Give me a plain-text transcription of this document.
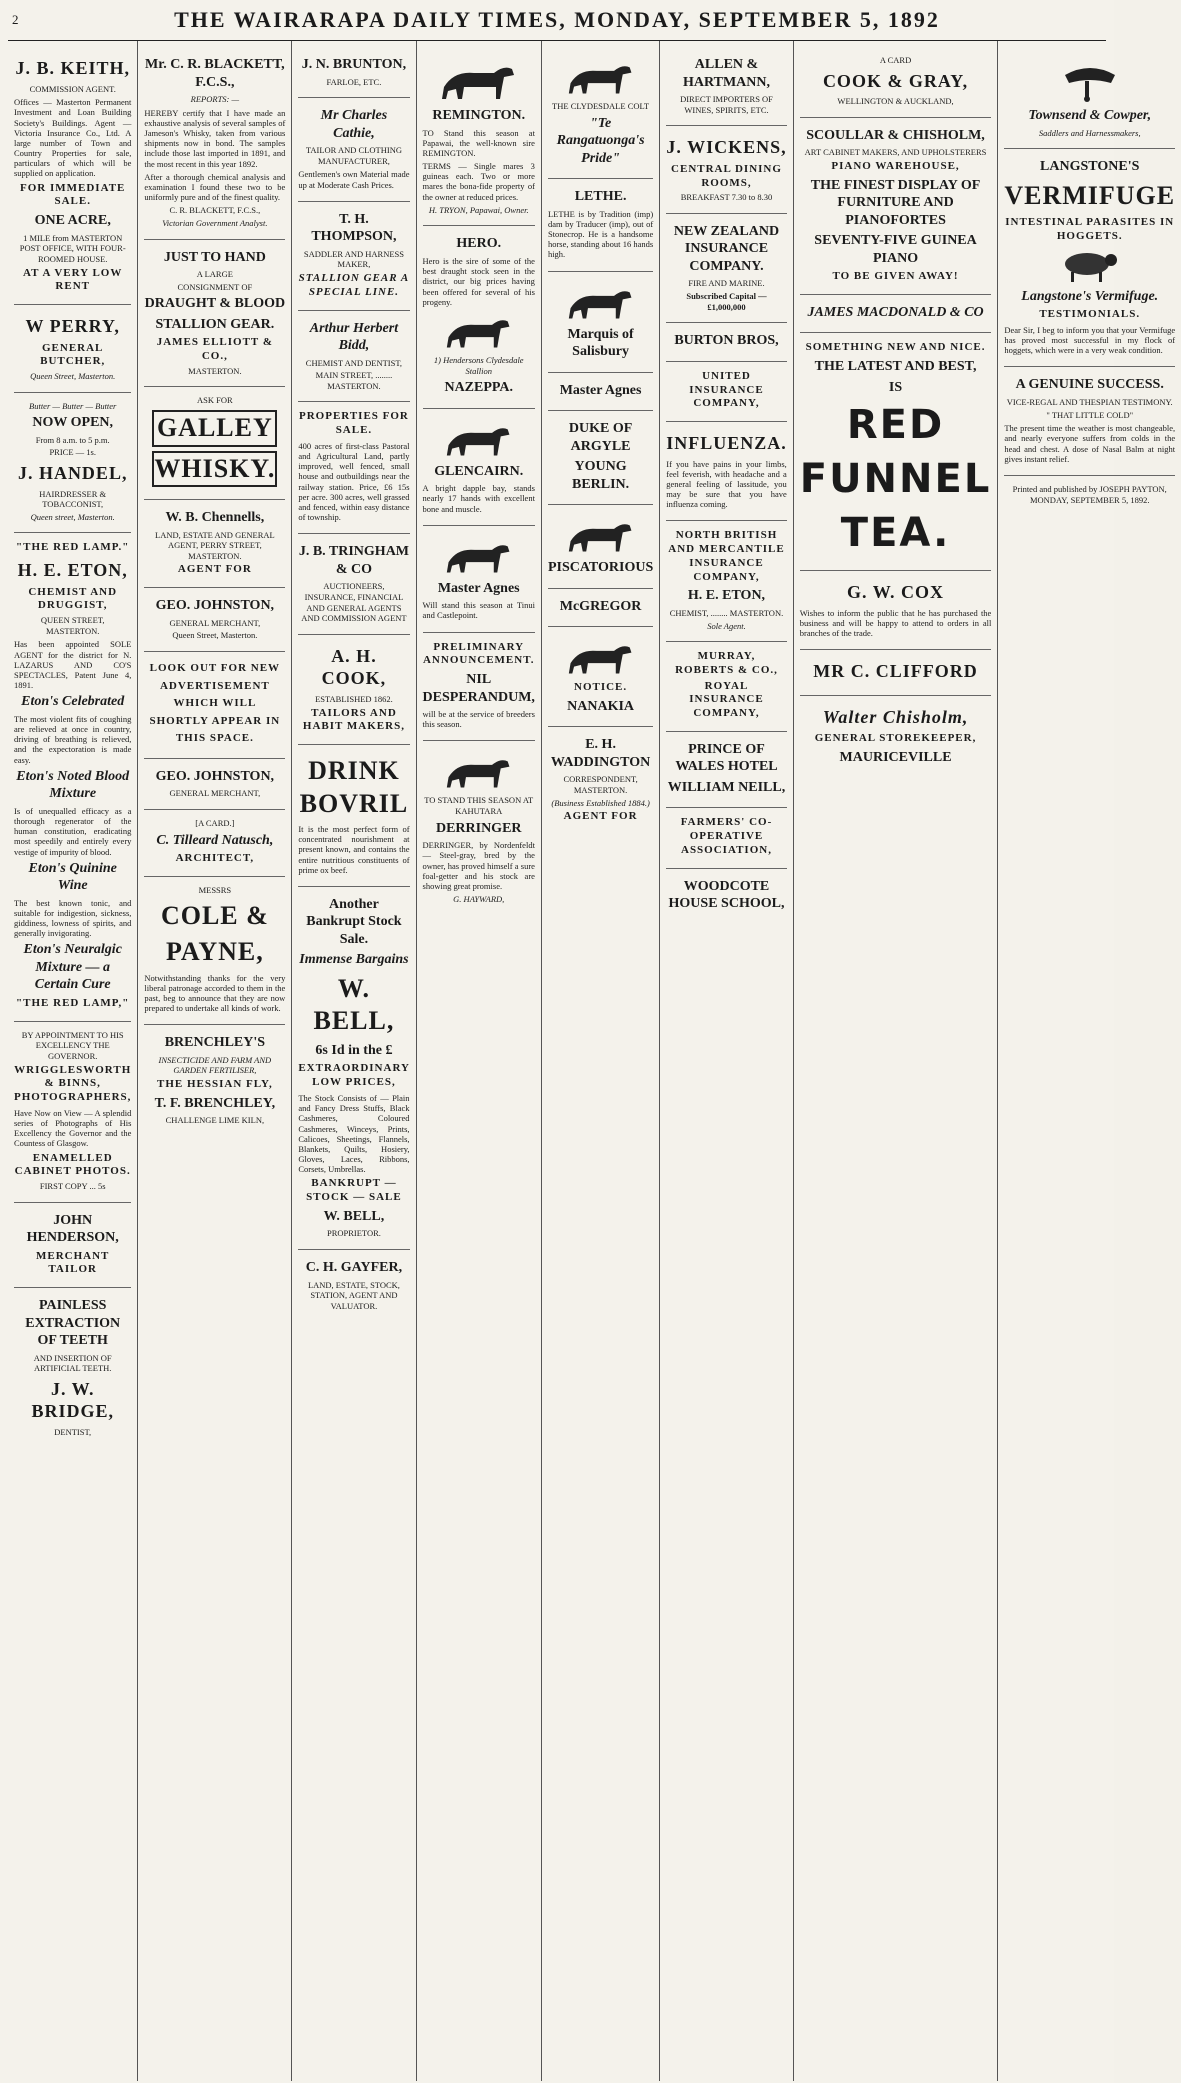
2	THE WAIRARAPA DAILY TIMES, MONDAY, SEPTEMBER 5, 1892
J. B. KEITH,
COMMISSION AGENT.
Offices — Masterton Permanent Investment and Loan Building Society's Buildings. Agent — Victoria Insurance Co., Ltd. A large number of Town and Country Properties for sale, particulars of which will be supplied on application.
FOR IMMEDIATE SALE.
ONE ACRE,
1 MILE from MASTERTON POST OFFICE, WITH FOUR-ROOMED HOUSE.
AT A VERY LOW RENT
W PERRY,
GENERAL BUTCHER,
Queen Street, Masterton.
Butter — Butter — Butter
NOW OPEN,
From 8 a.m. to 5 p.m.
PRICE — 1s.
J. HANDEL,
HAIRDRESSER & TOBACCONIST,
Queen street, Masterton.
"THE RED LAMP."
H. E. ETON,
CHEMIST AND DRUGGIST,
QUEEN STREET, MASTERTON.
Has been appointed SOLE AGENT for the district for N. LAZARUS AND CO'S SPECTACLES, Patent June 4, 1891.
Eton's Celebrated
The most violent fits of coughing are relieved at once in country, driving of breathing is relieved, and the expectoration is made easy.
Eton's Noted Blood Mixture
Is of unequalled efficacy as a thorough regenerator of the human constitution, eradicating most speedily and entirely every vestige of impurity of blood.
Eton's Quinine Wine
The best known tonic, and suitable for indigestion, sickness, giddiness, lowness of spirits, and generally invigorating.
Eton's Neuralgic Mixture — a Certain Cure
"THE RED LAMP,"
BY APPOINTMENT TO HIS EXCELLENCY THE GOVERNOR.
WRIGGLESWORTH & BINNS, PHOTOGRAPHERS,
Have Now on View — A splendid series of Photographs of His Excellency the Governor and the Countess of Glasgow.
ENAMELLED CABINET PHOTOS.
FIRST COPY ... 5s
JOHN HENDERSON,
MERCHANT TAILOR
PAINLESS EXTRACTION OF TEETH
AND INSERTION OF ARTIFICIAL TEETH.
J. W. BRIDGE,
DENTIST,
Mr. C. R. BLACKETT, F.C.S.,
REPORTS: —
HEREBY certify that I have made an exhaustive analysis of several samples of Jameson's Whisky, taken from various shipments now in bond. The samples include those last imported in 1891, and the most recent in this year 1892.
After a thorough chemical analysis and examination I found these two to be uniformly pure and of the finest quality.
C. R. BLACKETT, F.C.S.,
Victorian Government Analyst.
JUST TO HAND
A LARGE
CONSIGNMENT OF
DRAUGHT & BLOOD
STALLION GEAR.
JAMES ELLIOTT & CO.,
MASTERTON.
ASK FOR
GALLEY
WHISKY.
W. B. Chennells,
LAND, ESTATE AND GENERAL AGENT, PERRY STREET, MASTERTON.
AGENT FOR
GEO. JOHNSTON,
GENERAL MERCHANT,
Queen Street, Masterton.
LOOK OUT FOR NEW ADVERTISEMENT WHICH WILL SHORTLY APPEAR IN THIS SPACE.
GEO. JOHNSTON,
GENERAL MERCHANT,
[A CARD.]
C. Tilleard Natusch,
ARCHITECT,
MESSRS
COLE &
PAYNE,
Notwithstanding thanks for the very liberal patronage accorded to them in the past, beg to announce that they are now prepared to undertake all kinds of work.
BRENCHLEY'S
INSECTICIDE AND FARM AND GARDEN FERTILISER,
THE HESSIAN FLY,
T. F. BRENCHLEY,
CHALLENGE LIME KILN,
J. N. BRUNTON,
FARLOE, ETC.
Mr Charles Cathie,
TAILOR AND CLOTHING MANUFACTURER,
Gentlemen's own Material made up at Moderate Cash Prices.
T. H. THOMPSON,
SADDLER AND HARNESS MAKER,
STALLION GEAR A SPECIAL LINE.
Arthur Herbert Bidd,
CHEMIST AND DENTIST,
MAIN STREET, ........ MASTERTON.
PROPERTIES FOR SALE.
400 acres of first-class Pastoral and Agricultural Land, partly improved, well fenced, small house and outbuildings near the railway station. Price, £6 15s per acre. 300 acres, well grassed and fenced, within easy distance of township.
J. B. TRINGHAM & CO
AUCTIONEERS, INSURANCE, FINANCIAL AND GENERAL AGENTS AND COMMISSION AGENT
A. H. COOK,
ESTABLISHED 1862.
TAILORS AND HABIT MAKERS,
DRINK BOVRIL
It is the most perfect form of concentrated nourishment at present known, and contains the entire nutritious constituents of prime ox beef.
Another Bankrupt Stock Sale.
Immense Bargains
W. BELL,
6s Id in the £
EXTRAORDINARY LOW PRICES,
The Stock Consists of — Plain and Fancy Dress Stuffs, Black Cashmeres, Coloured Cashmeres, Winceys, Prints, Calicoes, Sheetings, Flannels, Blankets, Quilts, Hosiery, Gloves, Laces, Ribbons, Corsets, Umbrellas.
BANKRUPT — STOCK — SALE
W. BELL,
PROPRIETOR.
C. H. GAYFER,
LAND, ESTATE, STOCK, STATION, AGENT AND VALUATOR.
REMINGTON.
TO Stand this season at Papawai, the well-known sire REMINGTON.
TERMS — Single mares 3 guineas each. Two or more mares the bona-fide property of the owner at reduced prices.
H. TRYON, Papawai, Owner.
HERO.
Hero is the sire of some of the best draught stock seen in the district, our big prices having been offered for several of his progeny.
1) Hendersons Clydesdale Stallion
NAZEPPA.
GLENCAIRN.
A bright dapple bay, stands nearly 17 hands with excellent bone and muscle.
Master Agnes
Will stand this season at Tinui and Castlepoint.
PRELIMINARY ANNOUNCEMENT.
NIL DESPERANDUM,
will be at the service of breeders this season.
TO STAND THIS SEASON AT KAHUTARA
DERRINGER
DERRINGER, by Nordenfeldt — Steel-gray, bred by the owner, has proved himself a sure foal-getter and his stock are showing great promise.
G. HAYWARD,
THE CLYDESDALE COLT
"Te Rangatuonga's Pride"
LETHE.
LETHE is by Tradition (imp) dam by Traducer (imp), out of Stonecrop. He is a handsome horse, standing about 16 hands high.
Marquis of Salisbury
Master Agnes
DUKE OF ARGYLE
YOUNG BERLIN.
PISCATORIOUS
McGREGOR
NOTICE.
NANAKIA
E. H. WADDINGTON
CORRESPONDENT, MASTERTON.
(Business Established 1884.)
AGENT FOR
ALLEN & HARTMANN,
DIRECT IMPORTERS OF WINES, SPIRITS, ETC.
J. WICKENS,
CENTRAL DINING ROOMS,
BREAKFAST 7.30 to 8.30
NEW ZEALAND INSURANCE COMPANY.
FIRE AND MARINE.
Subscribed Capital — £1,000,000
BURTON BROS,
UNITED INSURANCE COMPANY,
INFLUENZA.
If you have pains in your limbs, feel feverish, with headache and a general feeling of lassitude, you may be sure that you have influenza coming.
NORTH BRITISH AND MERCANTILE INSURANCE COMPANY,
H. E. ETON,
CHEMIST, ........ MASTERTON.
Sole Agent.
MURRAY, ROBERTS & CO.,
ROYAL INSURANCE COMPANY,
PRINCE OF WALES HOTEL
WILLIAM NEILL,
FARMERS' CO-OPERATIVE ASSOCIATION,
WOODCOTE HOUSE SCHOOL,
A CARD
COOK & GRAY,
WELLINGTON & AUCKLAND,
SCOULLAR & CHISHOLM,
ART CABINET MAKERS, AND UPHOLSTERERS
PIANO WAREHOUSE,
THE FINEST DISPLAY OF FURNITURE AND PIANOFORTES
SEVENTY-FIVE GUINEA PIANO
TO BE GIVEN AWAY!
JAMES MACDONALD & CO
SOMETHING NEW AND NICE.
THE LATEST AND BEST,
IS
RED
FUNNEL
TEA.
G. W. COX
Wishes to inform the public that he has purchased the business and will be happy to attend to orders in all branches of the trade.
MR C. CLIFFORD
Walter Chisholm,
GENERAL STOREKEEPER,
MAURICEVILLE
Townsend & Cowper,
Saddlers and Harnessmakers,
LANGSTONE'S
VERMIFUGE
INTESTINAL PARASITES IN HOGGETS.
Langstone's Vermifuge.
TESTIMONIALS.
Dear Sir, I beg to inform you that your Vermifuge has proved most successful in my flock of hoggets, which were in a very weak condition.
A GENUINE SUCCESS.
VICE-REGAL AND THESPIAN TESTIMONY.
" THAT LITTLE COLD"
The present time the weather is most changeable, and nearly everyone suffers from colds in the head and chest. A dose of Nasal Balm at night gives instant relief.
Printed and published by JOSEPH PAYTON, MONDAY, SEPTEMBER 5, 1892.
